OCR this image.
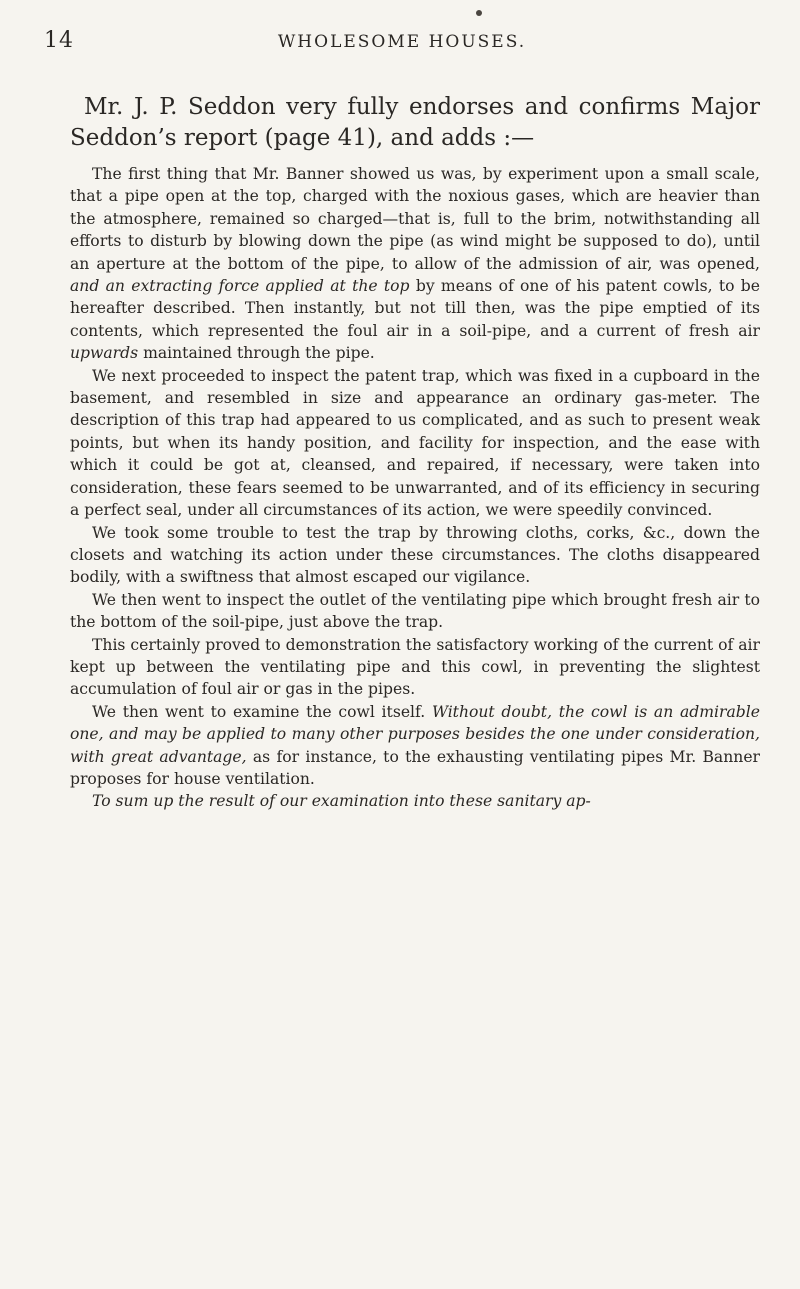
14	WHOLESOME HOUSES.
Mr. J. P. Seddon very fully endorses and confirms Major Seddon’s report (page 41), and adds :—

The first thing that Mr. Banner showed us was, by experiment upon a small scale, that a pipe open at the top, charged with the noxious gases, which are heavier than the atmosphere, remained so charged—that is, full to the brim, notwithstanding all efforts to disturb by blowing down the pipe (as wind might be supposed to do), until an aperture at the bottom of the pipe, to allow of the admission of air, was opened, and an extracting force applied at the top by means of one of his patent cowls, to be hereafter described. Then instantly, but not till then, was the pipe emptied of its contents, which represented the foul air in a soil-pipe, and a current of fresh air upwards maintained through the pipe.

We next proceeded to inspect the patent trap, which was fixed in a cupboard in the basement, and resembled in size and appearance an ordinary gas-meter. The description of this trap had appeared to us complicated, and as such to present weak points, but when its handy position, and facility for inspection, and the ease with which it could be got at, cleansed, and repaired, if necessary, were taken into consideration, these fears seemed to be unwarranted, and of its efficiency in securing a perfect seal, under all circumstances of its action, we were speedily convinced.

We took some trouble to test the trap by throwing cloths, corks, &c., down the closets and watching its action under these circumstances. The cloths disappeared bodily, with a swiftness that almost escaped our vigilance.

We then went to inspect the outlet of the ventilating pipe which brought fresh air to the bottom of the soil-pipe, just above the trap.

This certainly proved to demonstration the satisfactory working of the current of air kept up between the ventilating pipe and this cowl, in preventing the slightest accumulation of foul air or gas in the pipes.

We then went to examine the cowl itself. Without doubt, the cowl is an admirable one, and may be applied to many other purposes besides the one under consideration, with great advantage, as for instance, to the exhausting ventilating pipes Mr. Banner proposes for house ventilation.

To sum up the result of our examination into these sanitary ap-
